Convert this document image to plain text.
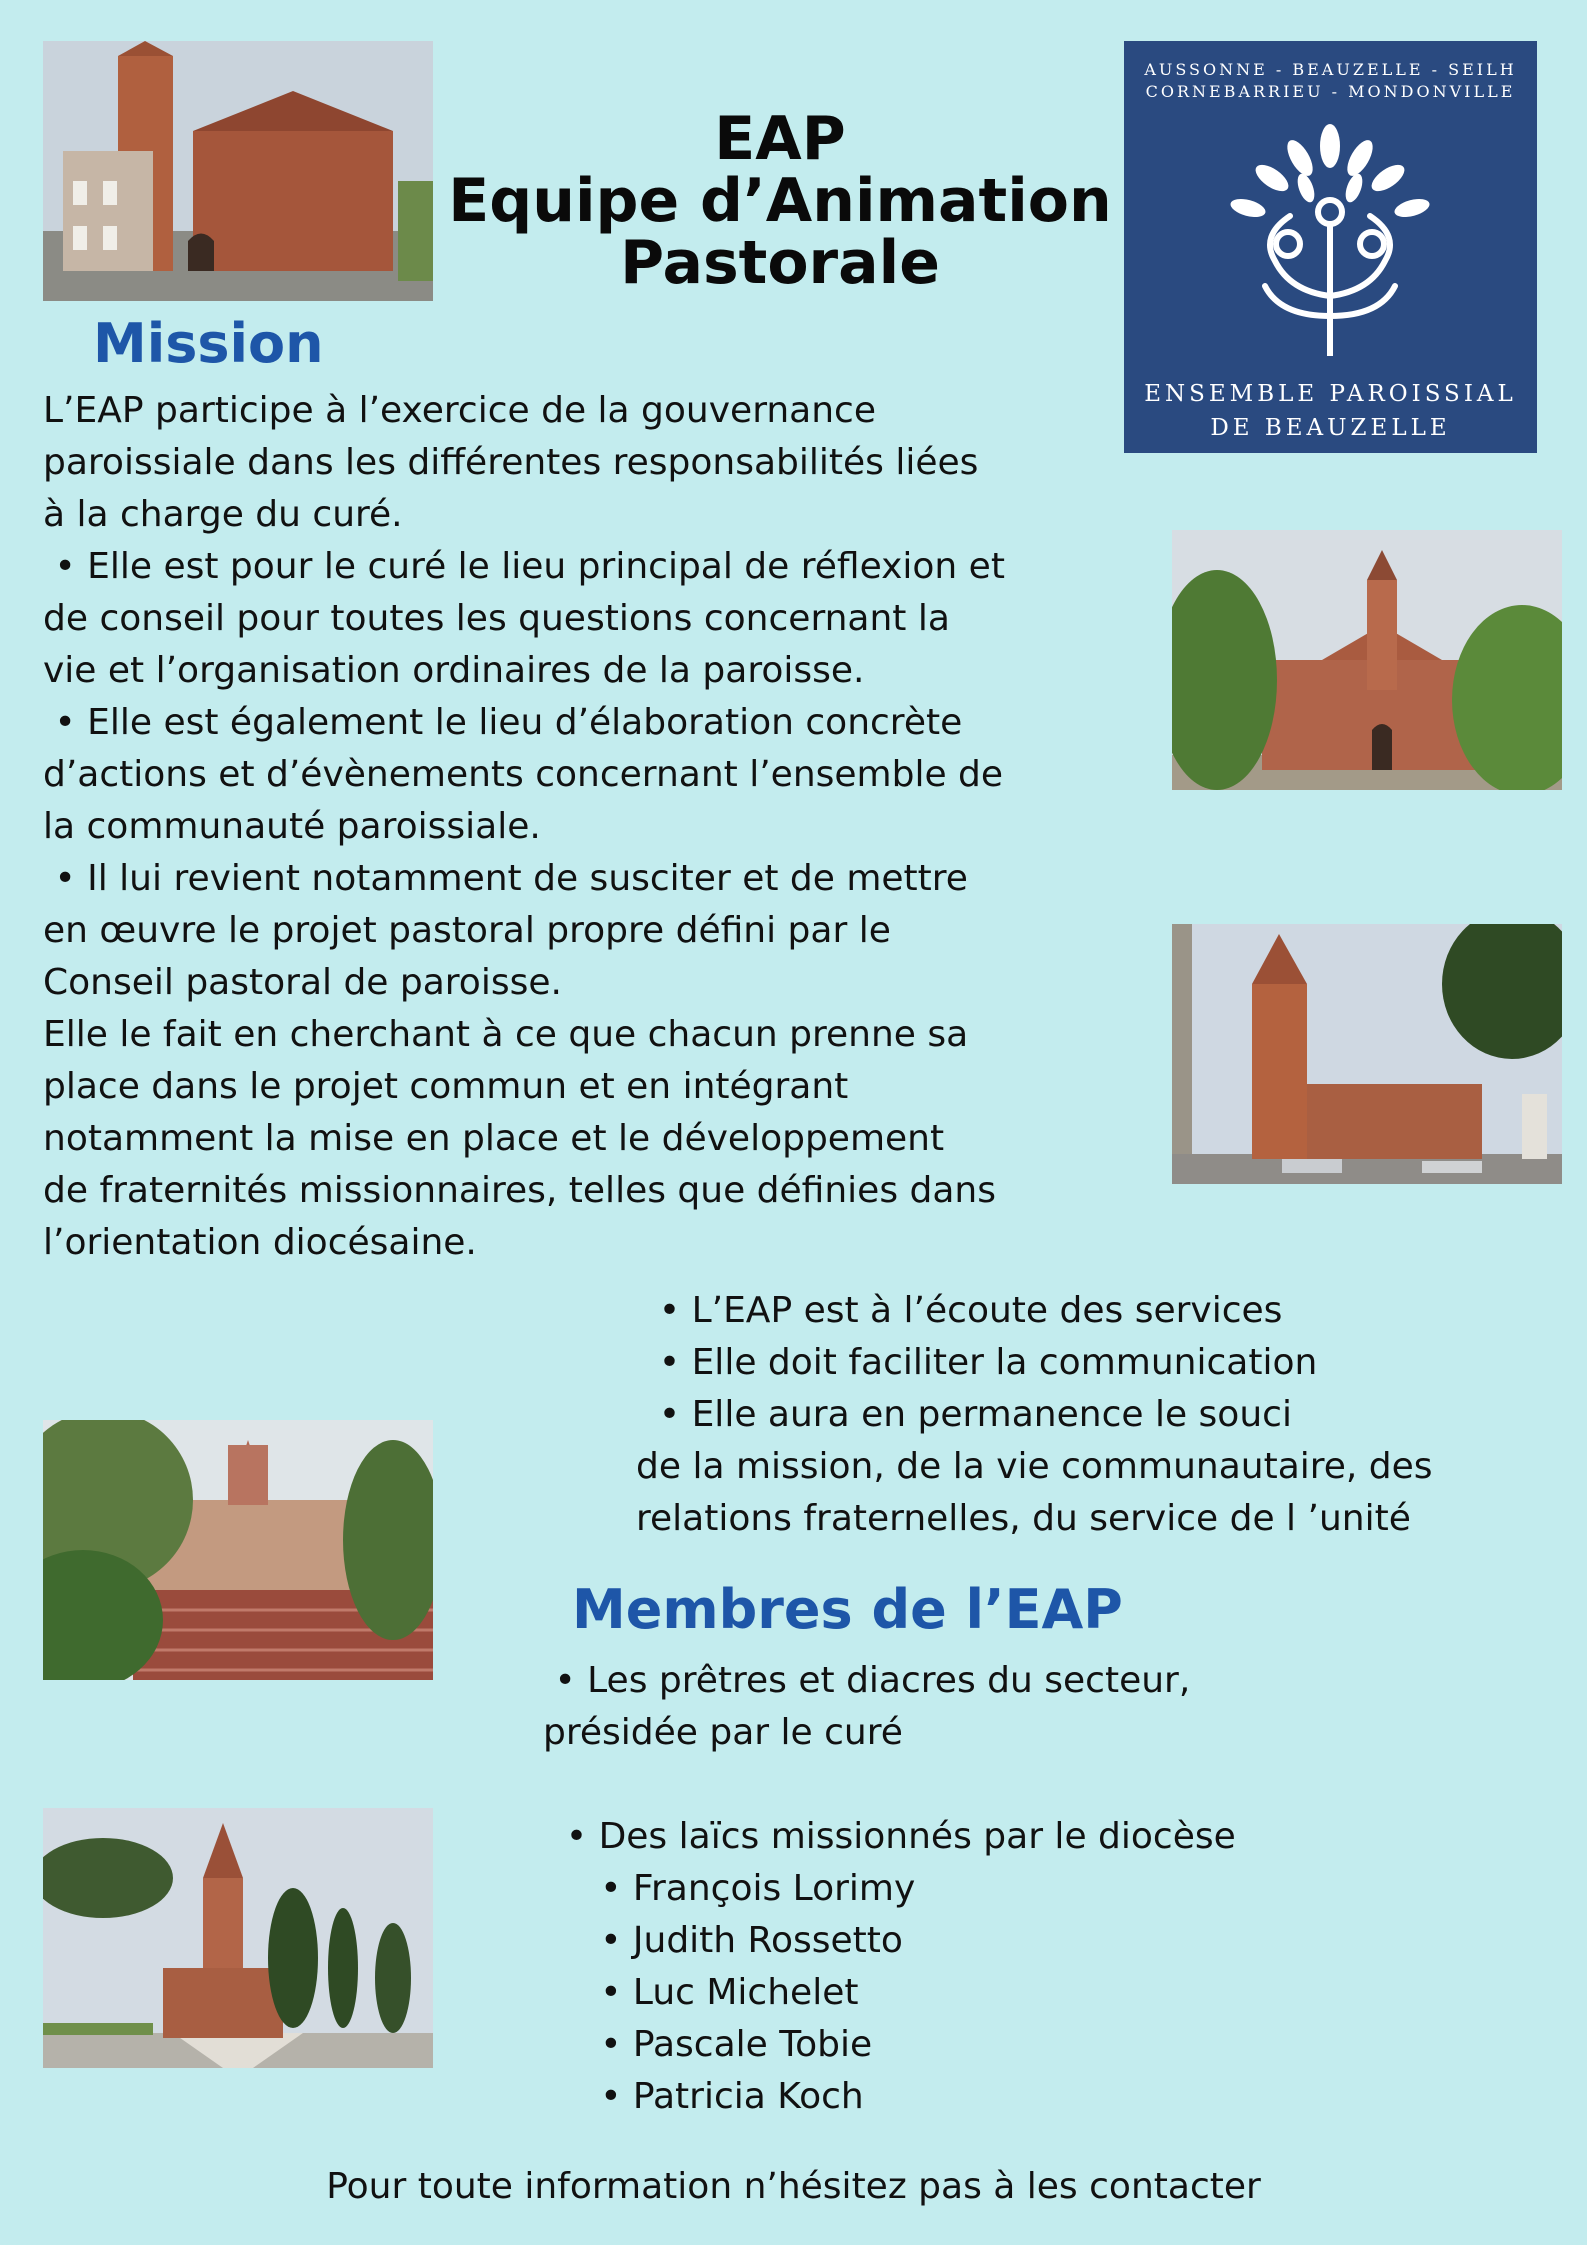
EAP
Equipe d’Animation
Pastorale
AUSSONNE - BEAUZELLE - SEILH
CORNEBARRIEU - MONDONVILLE
ENSEMBLE PAROISSIAL
DE BEAUZELLE
Mission
L’EAP participe à l’exercice de la gouvernance
paroissiale dans les différentes responsabilités liées
à la charge du curé.
• Elle est pour le curé le lieu principal de réflexion et
de conseil pour toutes les questions concernant la
vie et l’organisation ordinaires de la paroisse.
• Elle est également le lieu d’élaboration concrète
d’actions et d’évènements concernant l’ensemble de
la communauté paroissiale.
• Il lui revient notamment de susciter et de mettre
en œuvre le projet pastoral propre défini par le
Conseil pastoral de paroisse.
Elle le fait en cherchant à ce que chacun prenne sa
place dans le projet commun et en intégrant
notamment la mise en place et le développement
de fraternités missionnaires, telles que définies dans
l’orientation diocésaine.
• L’EAP est à l’écoute des services
• Elle doit faciliter la communication
• Elle aura en permanence le souci
de la mission, de la vie communautaire, des
relations fraternelles, du service de l ’unité
Membres de l’EAP
• Les prêtres et diacres du secteur,
présidée par le curé
• Des laïcs missionnés par le diocèse
• François Lorimy
• Judith Rossetto
• Luc Michelet
• Pascale Tobie
• Patricia Koch
Pour toute information n’hésitez pas à les contacter
